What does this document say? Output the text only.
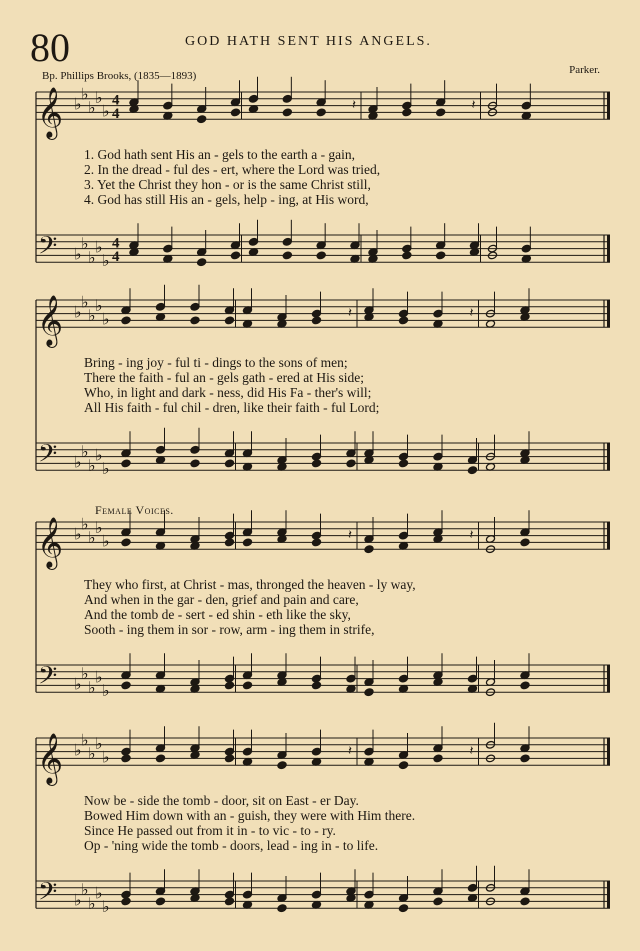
80	GOD HATH SENT HIS ANGELS.
Bp. Phillips Brooks, (1835—1893)	Parker.
Female Voices.
𝄞
𝄢
♭
♭
♭
♭
♭
♭
♭
♭
♭
♭
4
4
4
4
𝄽	𝄽
𝄞
𝄢
♭
♭
♭
♭
♭
♭
♭
♭
♭
♭
𝄽	𝄽
𝄞
𝄢
♭
♭
♭
♭
♭
♭
♭
♭
♭
♭
𝄽	𝄽
𝄞
𝄢
♭
♭
♭
♭
♭
♭
♭
♭
♭
♭
𝄽	𝄽
1. God hath sent His an - gels to the earth a - gain,
2. In the dread - ful des - ert, where the Lord was tried,
3. Yet the Christ they hon - or is the same Christ still,
4. God has still His an - gels, help - ing, at His word,
Bring - ing joy - ful ti - dings to the sons of men;
There the faith - ful an - gels gath - ered at His side;
Who, in light and dark - ness, did His Fa - ther's will;
All His faith - ful chil - dren, like their faith - ful Lord;
They who first, at Christ - mas, thronged the heaven - ly way,
And when in the gar - den, grief and pain and care,
And the tomb de - sert - ed shin - eth like the sky,
Sooth - ing them in sor - row, arm - ing them in strife,
Now be - side the tomb - door, sit on East - er Day.
Bowed Him down with an - guish, they were with Him there.
Since He passed out from it in - to vic - to - ry.
Op - 'ning wide the tomb - doors, lead - ing in - to life.
